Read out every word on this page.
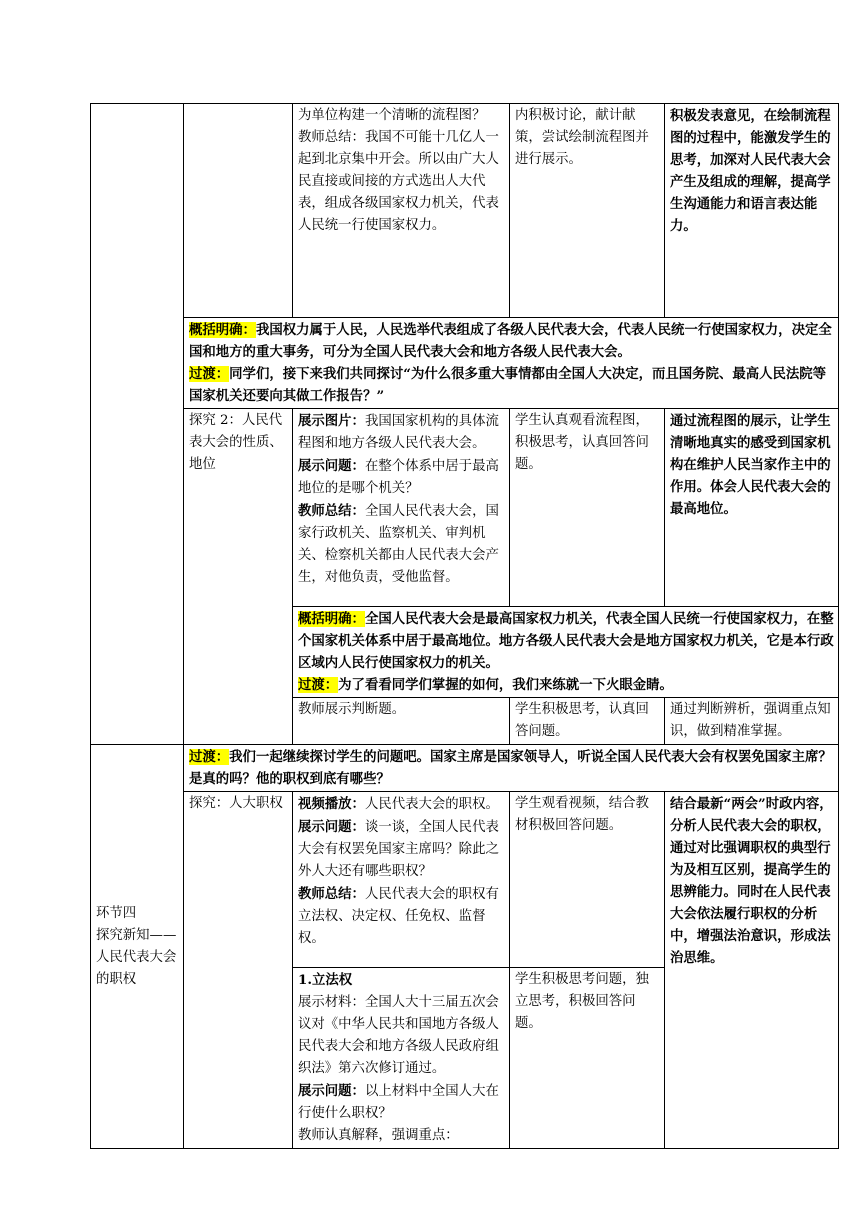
		为单位构建一个清晰的流程图？
教师总结：我国不可能十几亿人一起到北京集中开会。所以由广大人民直接或间接的方式选出人大代表，组成各级国家权力机关，代表人民统一行使国家权力。	内积极讨论，献计献策，尝试绘制流程图并进行展示。	积极发表意见，在绘制流程图的过程中，能激发学生的思考，加深对人民代表大会产生及组成的理解，提高学生沟通能力和语言表达能力。
	概括明确：我国权力属于人民，人民选举代表组成了各级人民代表大会，代表人民统一行使国家权力，决定全国和地方的重大事务，可分为全国人民代表大会和地方各级人民代表大会。
过渡：同学们，接下来我们共同探讨“为什么很多重大事情都由全国人大决定，而且国务院、最高人民法院等国家机关还要向其做工作报告？”			
	探究 2：人民代表大会的性质、地位	展示图片：我国国家机构的具体流程图和地方各级人民代表大会。
展示问题：在整个体系中居于最高地位的是哪个机关？
教师总结：全国人民代表大会，国家行政机关、监察机关、审判机关、检察机关都由人民代表大会产生，对他负责，受他监督。	学生认真观看流程图，积极思考，认真回答问题。	通过流程图的展示，让学生清晰地真实的感受到国家机构在维护人民当家作主中的作用。体会人民代表大会的最高地位。
		概括明确：全国人民代表大会是最高国家权力机关，代表全国人民统一行使国家权力，在整个国家机关体系中居于最高地位。地方各级人民代表大会是地方国家权力机关，它是本行政区域内人民行使国家权力的机关。
过渡：为了看看同学们掌握的如何，我们来练就一下火眼金睛。		
		教师展示判断题。	学生积极思考，认真回答问题。	通过判断辨析，强调重点知识，做到精准掌握。
环节四
探究新知——人民代表大会的职权	过渡：我们一起继续探讨学生的问题吧。国家主席是国家领导人，听说全国人民代表大会有权罢免国家主席？是真的吗？他的职权到底有哪些？			
	探究：人大职权	视频播放：人民代表大会的职权。
展示问题：谈一谈，全国人民代表大会有权罢免国家主席吗？除此之外人大还有哪些职权？
教师总结：人民代表大会的职权有立法权、决定权、任免权、监督权。	学生观看视频，结合教材积极回答问题。	结合最新“两会”时政内容，分析人民代表大会的职权，通过对比强调职权的典型行为及相互区别，提高学生的思辨能力。同时在人民代表大会依法履行职权的分析中，增强法治意识，形成法治思维。
		1.立法权
展示材料：全国人大十三届五次会议对《中华人民共和国地方各级人民代表大会和地方各级人民政府组织法》第六次修订通过。
展示问题：以上材料中全国人大在行使什么职权？
教师认真解释，强调重点：	学生积极思考问题，独立思考，积极回答问题。	
